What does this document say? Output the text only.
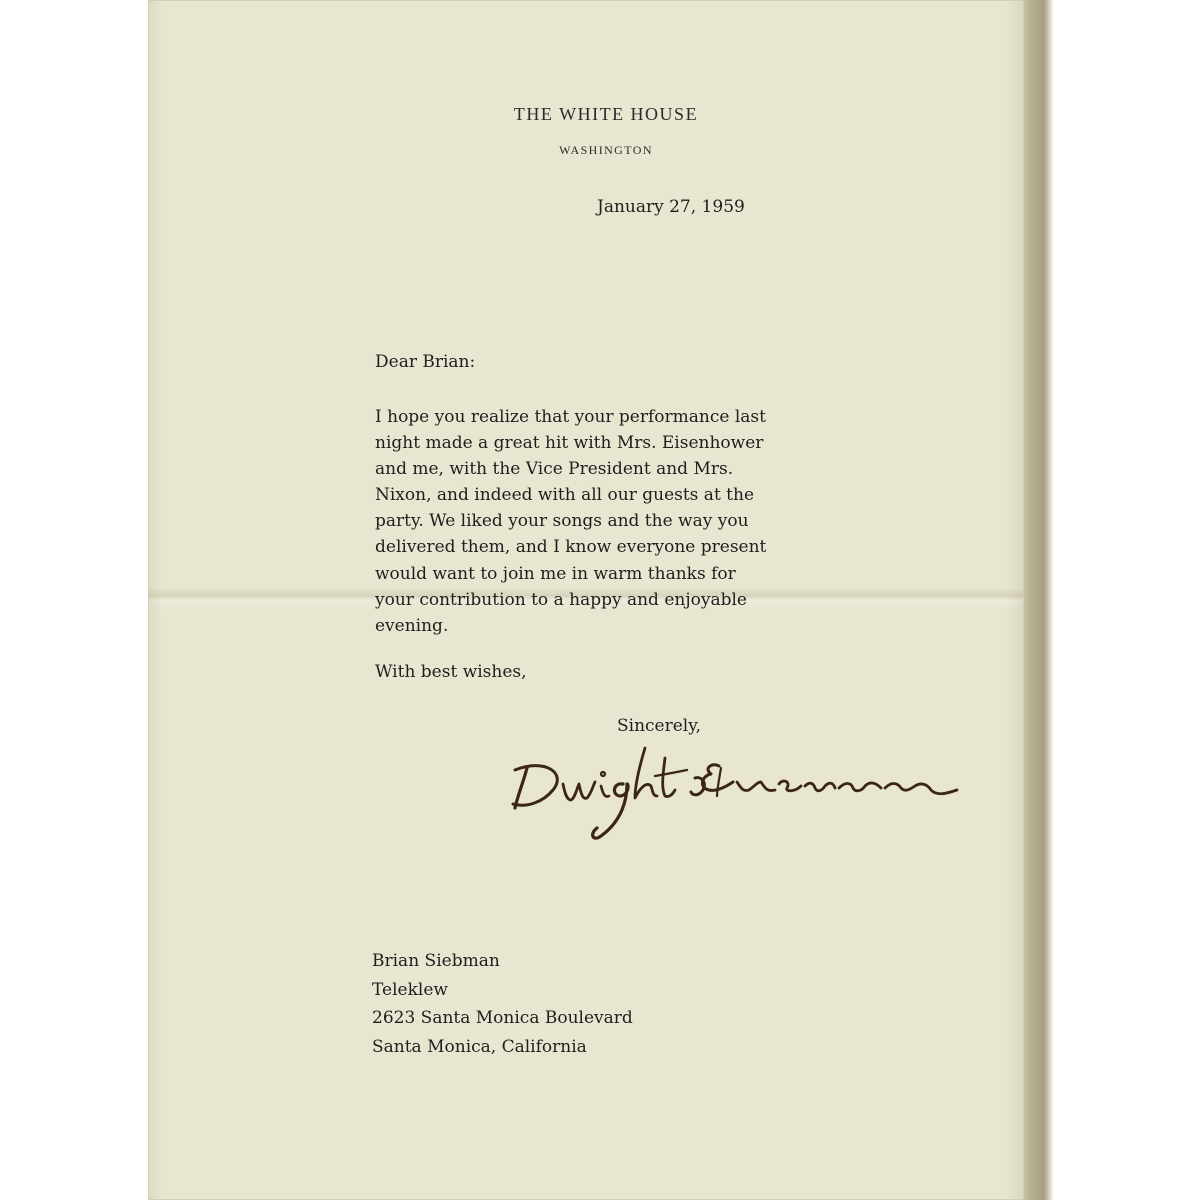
THE WHITE HOUSE
WASHINGTON
January 27, 1959
Dear Brian:
I hope you realize that your performance last
night made a great hit with Mrs. Eisenhower
and me, with the Vice President and Mrs.
Nixon, and indeed with all our guests at the
party. We liked your songs and the way you
delivered them, and I know everyone present
would want to join me in warm thanks for
your contribution to a happy and enjoyable
evening.
With best wishes,
Sincerely,
Brian Siebman
Teleklew
2623 Santa Monica Boulevard
Santa Monica, California
